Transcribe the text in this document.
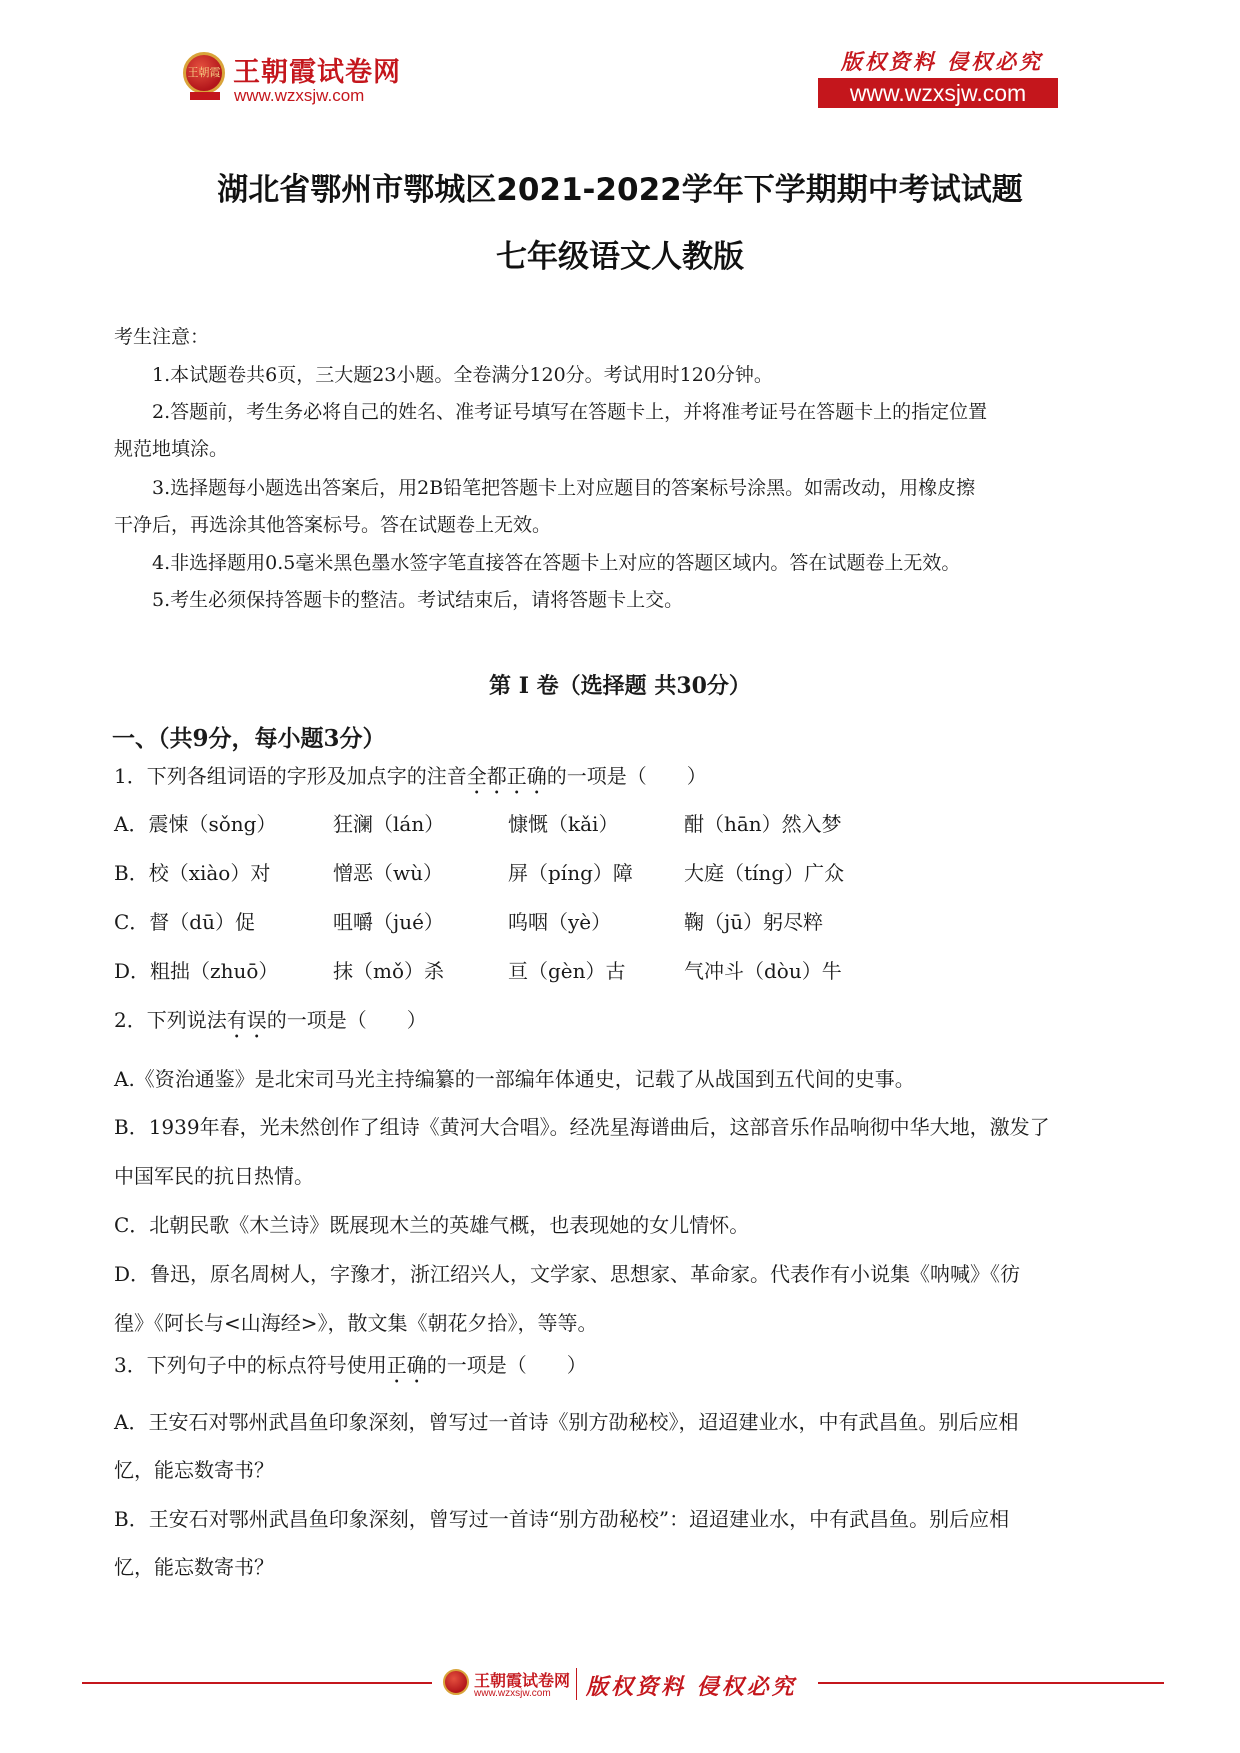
王朝霞 王朝霞试卷网
www.wzxsjw.com
版权资料 侵权必究
www.wzxsjw.com
湖北省鄂州市鄂城区2021-2022学年下学期期中考试试题
七年级语文人教版
考生注意：
1.本试题卷共6页，三大题23小题。全卷满分120分。考试用时120分钟。
2.答题前，考生务必将自己的姓名、准考证号填写在答题卡上，并将准考证号在答题卡上的指定位置
规范地填涂。
3.选择题每小题选出答案后，用2B铅笔把答题卡上对应题目的答案标号涂黑。如需改动，用橡皮擦
干净后，再选涂其他答案标号。答在试题卷上无效。
4.非选择题用0.5毫米黑色墨水签字笔直接答在答题卡上对应的答题区域内。答在试题卷上无效。
5.考生必须保持答题卡的整洁。考试结束后，请将答题卡上交。
第 I 卷（选择题 共30分）
一、（共9分，每小题3分）
1．下列各组词语的字形及加点字的注音全都正确的一项是（　　）
A．震悚（sǒng）	狂澜（lán）	慷慨（kǎi）	酣（hān）然入梦
B．校（xiào）对	憎恶（wù）	屏（píng）障	大庭（tíng）广众
C．督（dū）促	咀嚼（jué）	呜咽（yè）	鞠（jū）躬尽粹
D．粗拙（zhuō）	抹（mǒ）杀	亘（gèn）古	气冲斗（dòu）牛
2．下列说法有误的一项是（　　）
A.《资治通鉴》是北宋司马光主持编纂的一部编年体通史，记载了从战国到五代间的史事。
B．1939年春，光未然创作了组诗《黄河大合唱》。经冼星海谱曲后，这部音乐作品响彻中华大地，激发了
中国军民的抗日热情。
C．北朝民歌《木兰诗》既展现木兰的英雄气概，也表现她的女儿情怀。
D．鲁迅，原名周树人，字豫才，浙江绍兴人，文学家、思想家、革命家。代表作有小说集《呐喊》《彷
徨》《阿长与<山海经>》，散文集《朝花夕拾》，等等。
3．下列句子中的标点符号使用正确的一项是（　　）
A．王安石对鄂州武昌鱼印象深刻，曾写过一首诗《别方劭秘校》，迢迢建业水，中有武昌鱼。别后应相
忆，能忘数寄书？
B．王安石对鄂州武昌鱼印象深刻，曾写过一首诗“别方劭秘校”：迢迢建业水，中有武昌鱼。别后应相
忆，能忘数寄书？
王朝霞试卷网
www.wzxsjw.com 版权资料 侵权必究
